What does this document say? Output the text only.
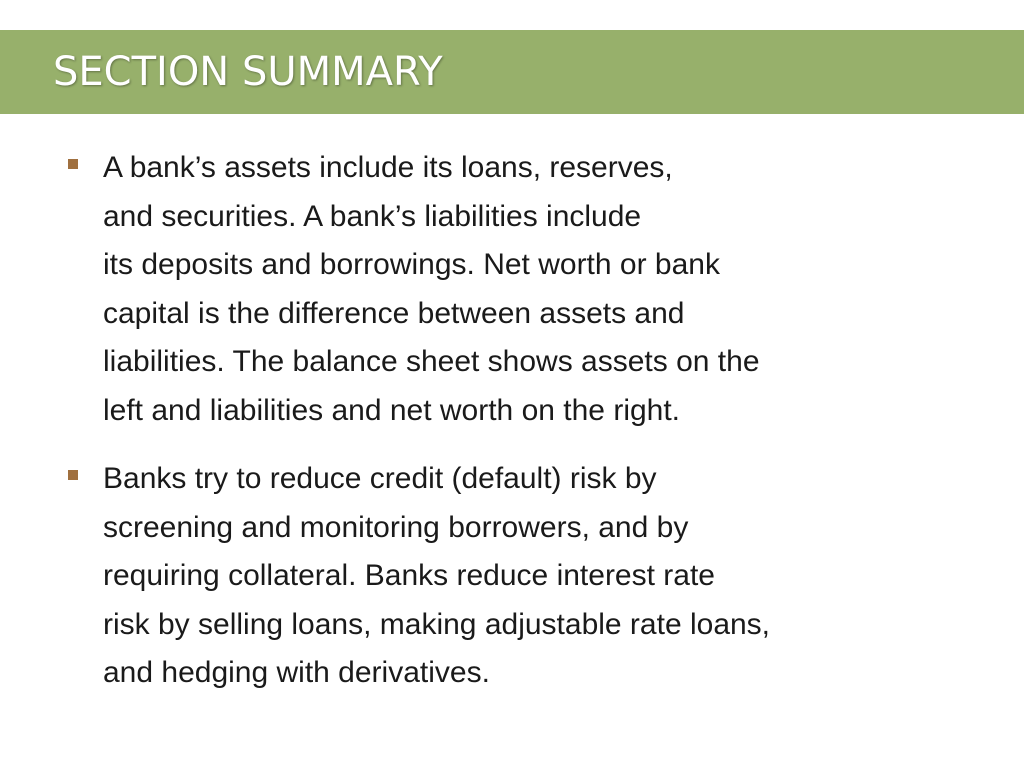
SECTION SUMMARY

A bank’s assets include its loans, reserves,
and securities. A bank’s liabilities include
its deposits and borrowings. Net worth or bank
capital is the difference between assets and
liabilities. The balance sheet shows assets on the
left and liabilities and net worth on the right.

Banks try to reduce credit (default) risk by
screening and monitoring borrowers, and by
requiring collateral. Banks reduce interest rate
risk by selling loans, making adjustable rate loans,
and hedging with derivatives.
